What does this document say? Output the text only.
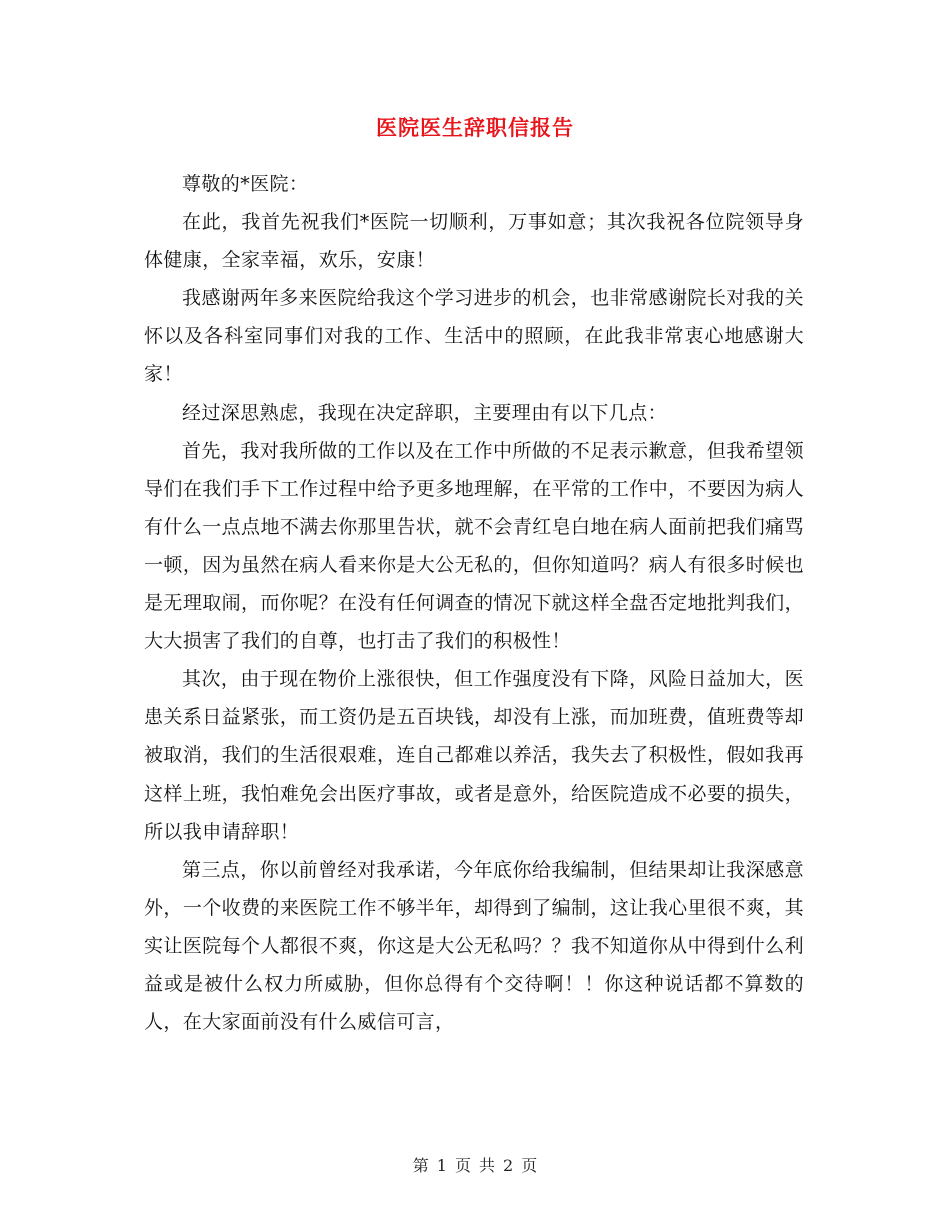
医院医生辞职信报告

尊敬的*医院：

在此，我首先祝我们*医院一切顺利，万事如意；其次我祝各位院领导身体健康，全家幸福，欢乐，安康！

我感谢两年多来医院给我这个学习进步的机会，也非常感谢院长对我的关怀以及各科室同事们对我的工作、生活中的照顾，在此我非常衷心地感谢大家！

经过深思熟虑，我现在决定辞职，主要理由有以下几点：

首先，我对我所做的工作以及在工作中所做的不足表示歉意，但我希望领导们在我们手下工作过程中给予更多地理解，在平常的工作中，不要因为病人有什么一点点地不满去你那里告状，就不会青红皂白地在病人面前把我们痛骂一顿，因为虽然在病人看来你是大公无私的，但你知道吗？病人有很多时候也是无理取闹，而你呢？在没有任何调查的情况下就这样全盘否定地批判我们，大大损害了我们的自尊，也打击了我们的积极性！

其次，由于现在物价上涨很快，但工作强度没有下降，风险日益加大，医患关系日益紧张，而工资仍是五百块钱，却没有上涨，而加班费，值班费等却被取消，我们的生活很艰难，连自己都难以养活，我失去了积极性，假如我再这样上班，我怕难免会出医疗事故，或者是意外，给医院造成不必要的损失，所以我申请辞职！

第三点，你以前曾经对我承诺，今年底你给我编制，但结果却让我深感意外，一个收费的来医院工作不够半年，却得到了编制，这让我心里很不爽，其实让医院每个人都很不爽，你这是大公无私吗？？我不知道你从中得到什么利益或是被什么权力所威胁，但你总得有个交待啊！！你这种说话都不算数的人，在大家面前没有什么威信可言，

第 1 页 共 2 页
